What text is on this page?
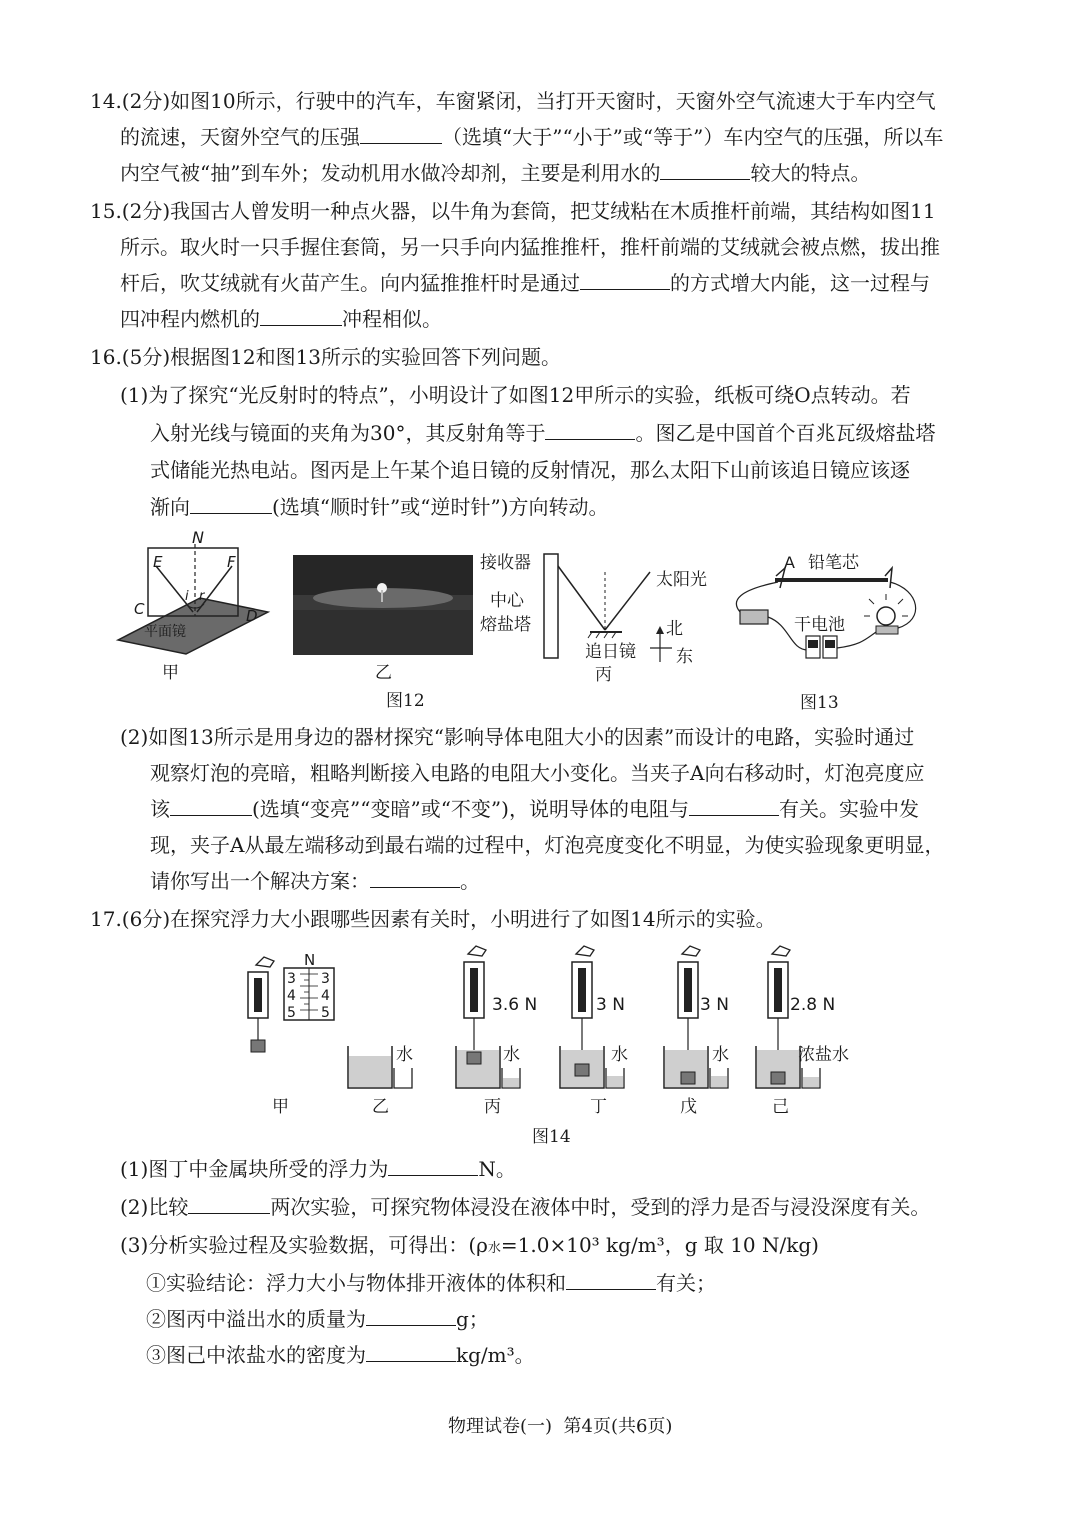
14.(2分)如图10所示，行驶中的汽车，车窗紧闭，当打开天窗时，天窗外空气流速大于车内空气
的流速，天窗外空气的压强	（选填“大于”“小于”或“等于”）车内空气的压强，所以车
内空气被“抽”到车外；发动机用水做冷却剂，主要是利用水的	较大的特点。
15.(2分)我国古人曾发明一种点火器，以牛角为套筒，把艾绒粘在木质推杆前端，其结构如图11
所示。取火时一只手握住套筒，另一只手向内猛推推杆，推杆前端的艾绒就会被点燃，拔出推
杆后，吹艾绒就有火苗产生。向内猛推推杆时是通过	的方式增大内能，这一过程与
四冲程内燃机的	冲程相似。
16.(5分)根据图12和图13所示的实验回答下列问题。
(1)为了探究“光反射时的特点”，小明设计了如图12甲所示的实验，纸板可绕O点转动。若
入射光线与镜面的夹角为30°，其反射角等于	。图乙是中国首个百兆瓦级熔盐塔
式储能光热电站。图丙是上午某个追日镜的反射情况，那么太阳下山前该追日镜应该逐
渐向	(选填“顺时针”或“逆时针”)方向转动。
N
E	F
C	D
i r
平面镜
甲	乙
接收器
中心
熔盐塔
太阳光
追日镜
北
东
丙
A 铅笔芯
干电池
图12	图13
(2)如图13所示是用身边的器材探究“影响导体电阻大小的因素”而设计的电路，实验时通过
观察灯泡的亮暗，粗略判断接入电路的电阻大小变化。当夹子A向右移动时，灯泡亮度应
该	(选填“变亮”“变暗”或“不变”)，说明导体的电阻与	有关。实验中发
现，夹子A从最左端移动到最右端的过程中，灯泡亮度变化不明显，为使实验现象更明显，
请你写出一个解决方案：	。
17.(6分)在探究浮力大小跟哪些因素有关时，小明进行了如图14所示的实验。
N
3
4
5
3
4
5
甲
水
乙
3.6 N
水
丙
3 N
水
丁
3 N
水
戊
2.8 N
浓盐水
己
图14
(1)图丁中金属块所受的浮力为	N。
(2)比较	两次实验，可探究物体浸没在液体中时，受到的浮力是否与浸没深度有关。
(3)分析实验过程及实验数据，可得出：(ρ水=1.0×10³ kg/m³，g 取 10 N/kg)
①实验结论：浮力大小与物体排开液体的体积和	有关；
②图丙中溢出水的质量为	g；
③图己中浓盐水的密度为	kg/m³。
物理试卷(一)  第4页(共6页)
